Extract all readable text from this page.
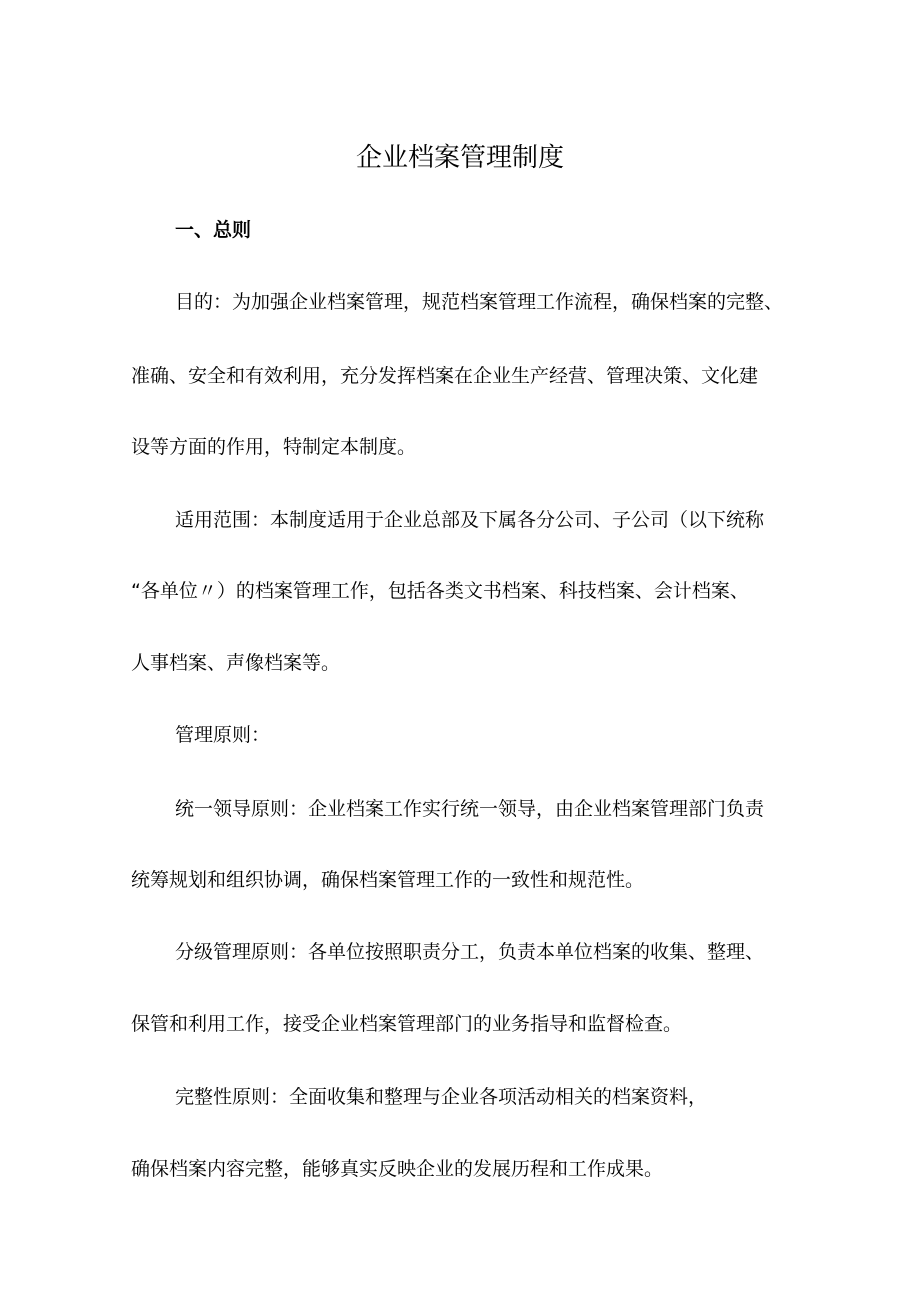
企业档案管理制度
一、总则
目的：为加强企业档案管理，规范档案管理工作流程，确保档案的完整、
准确、安全和有效利用，充分发挥档案在企业生产经营、管理决策、文化建
设等方面的作用，特制定本制度。
适用范围：本制度适用于企业总部及下属各分公司、子公司（以下统称
“各单位〃）的档案管理工作，包括各类文书档案、科技档案、会计档案、
人事档案、声像档案等。
管理原则：
统一领导原则：企业档案工作实行统一领导，由企业档案管理部门负责
统筹规划和组织协调，确保档案管理工作的一致性和规范性。
分级管理原则：各单位按照职责分工，负责本单位档案的收集、整理、
保管和利用工作，接受企业档案管理部门的业务指导和监督检查。
完整性原则：全面收集和整理与企业各项活动相关的档案资料，
确保档案内容完整，能够真实反映企业的发展历程和工作成果。
